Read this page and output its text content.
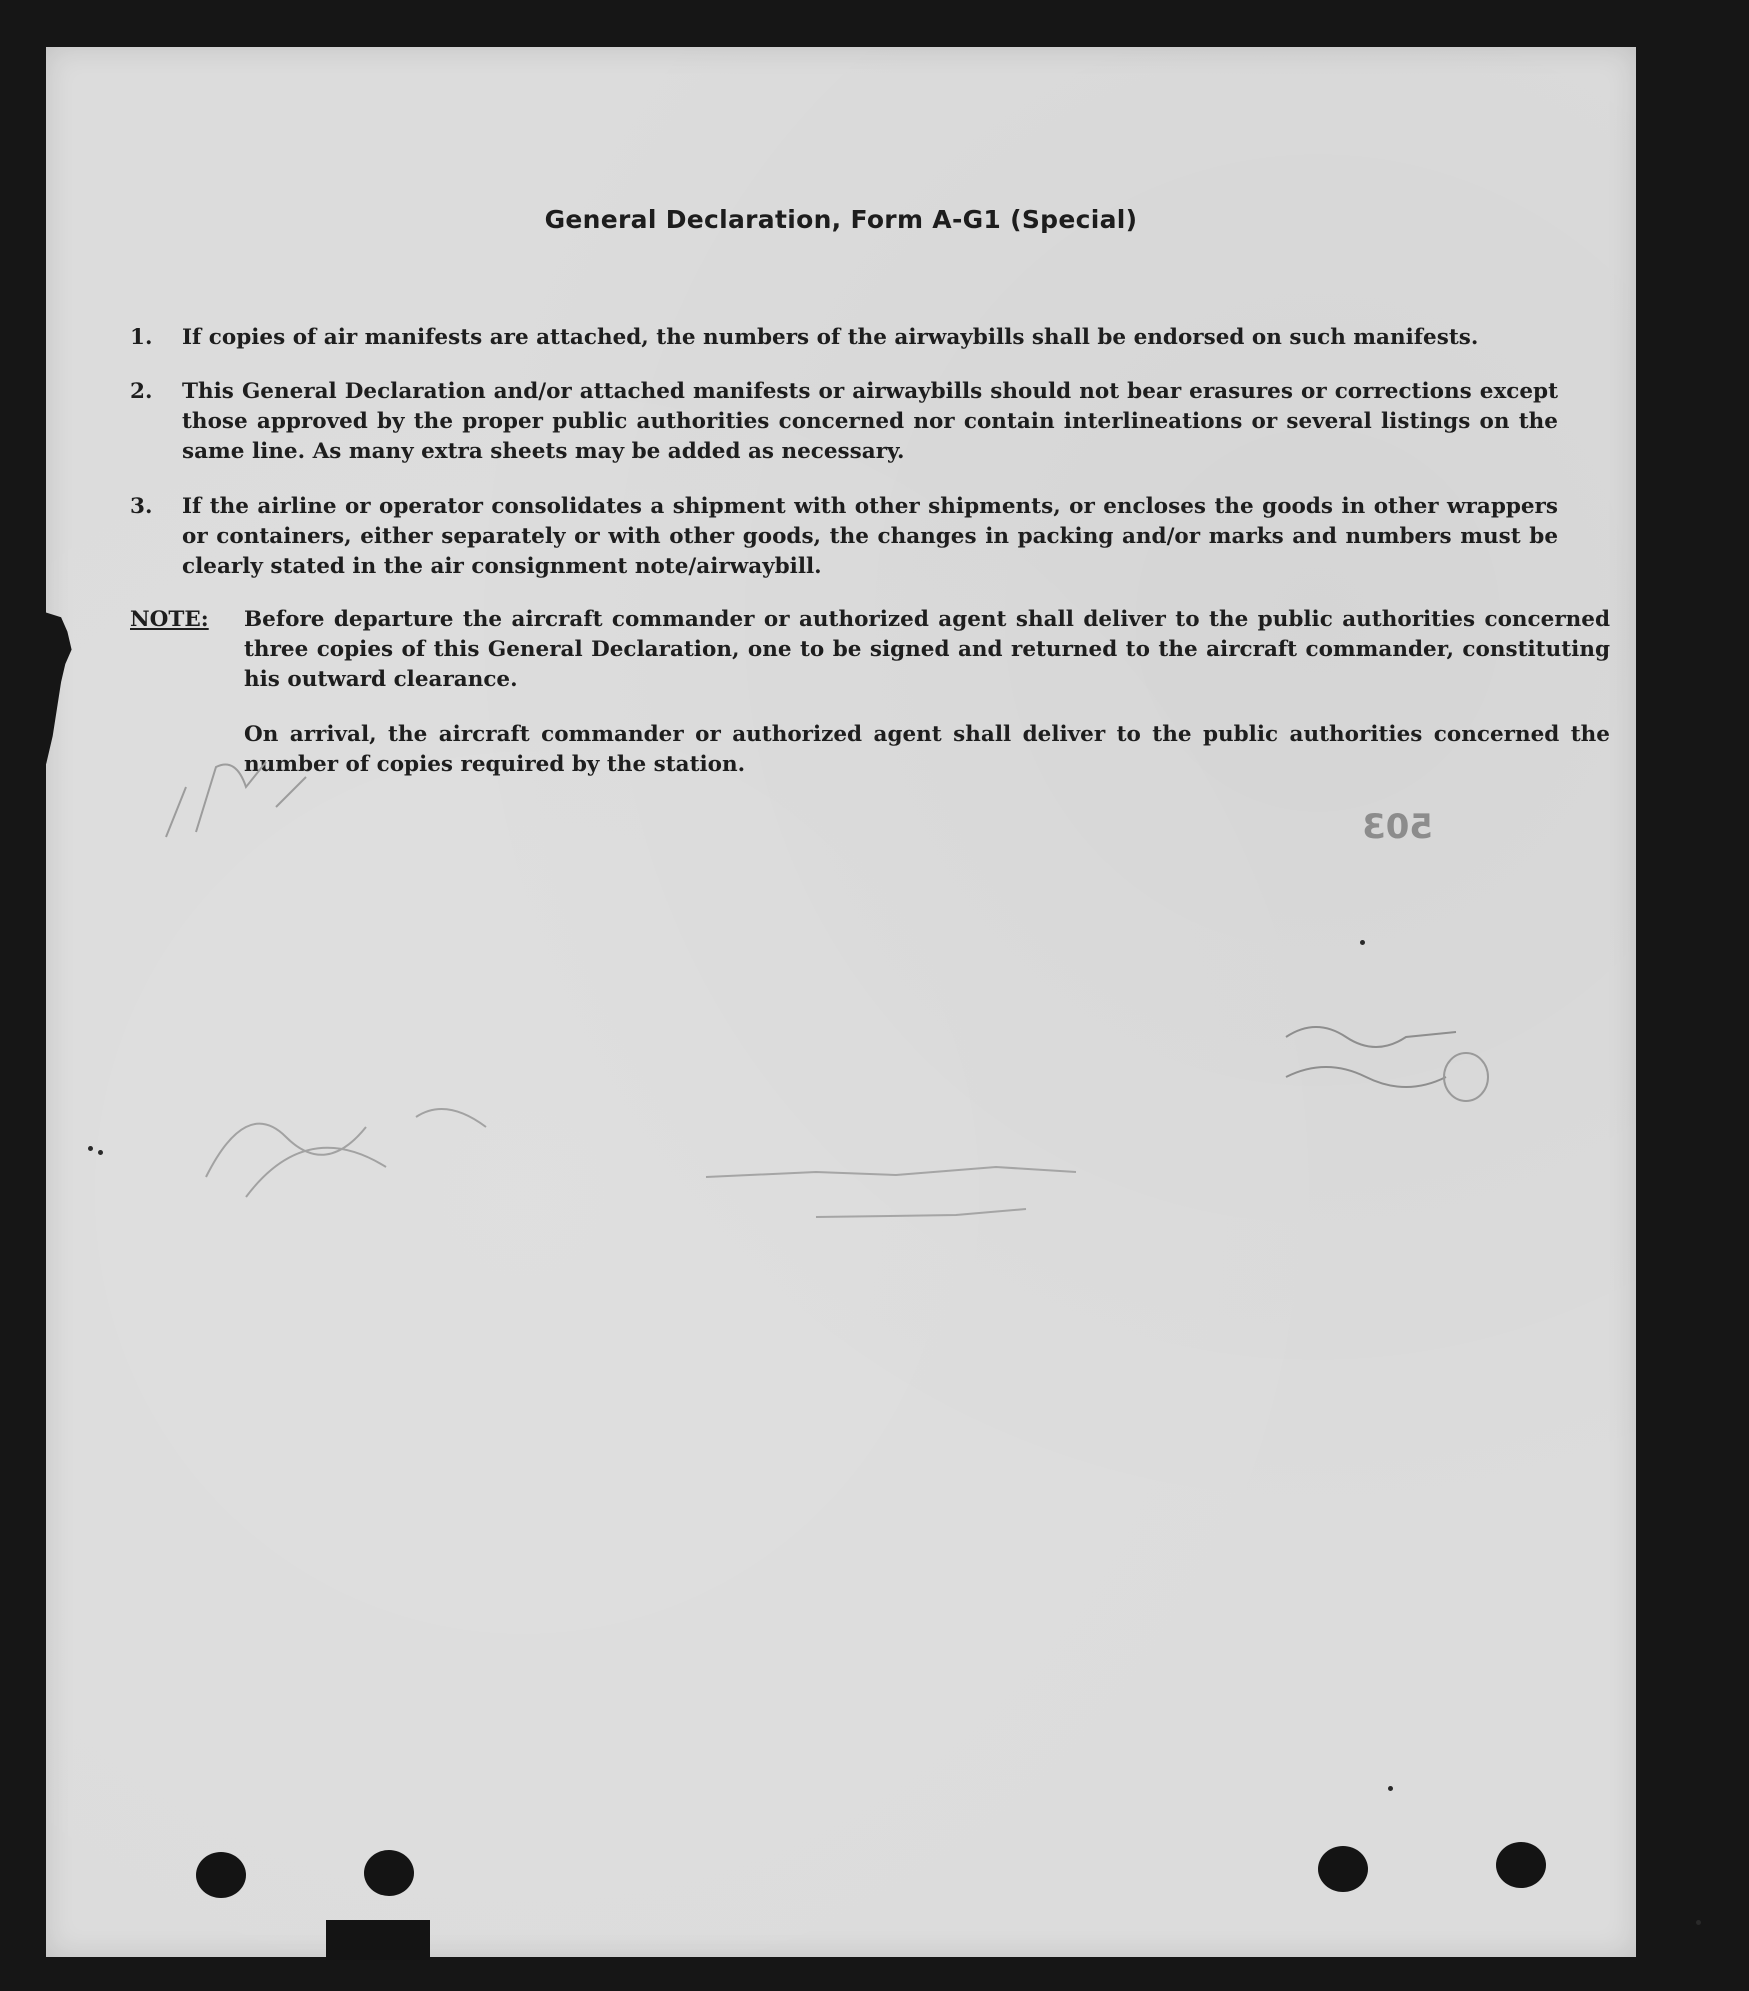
General Declaration, Form A-G1 (Special)
1.	If copies of air manifests are attached, the numbers of the airwaybills shall be endorsed on such manifests.
2.	This General Declaration and/or attached manifests or airwaybills should not bear erasures or corrections except those approved by the proper public authorities concerned nor contain interlineations or several listings on the same line. As many extra sheets may be added as necessary.
3.	If the airline or operator consolidates a shipment with other shipments, or encloses the goods in other wrappers or containers, either separately or with other goods, the changes in packing and/or marks and numbers must be clearly stated in the air consignment note/airwaybill.
NOTE: Before departure the aircraft commander or authorized agent shall deliver to the public authorities concerned three copies of this General Declaration, one to be signed and returned to the aircraft commander, constituting his outward clearance.
On arrival, the aircraft commander or authorized agent shall deliver to the public authorities concerned the number of copies required by the station.
503
